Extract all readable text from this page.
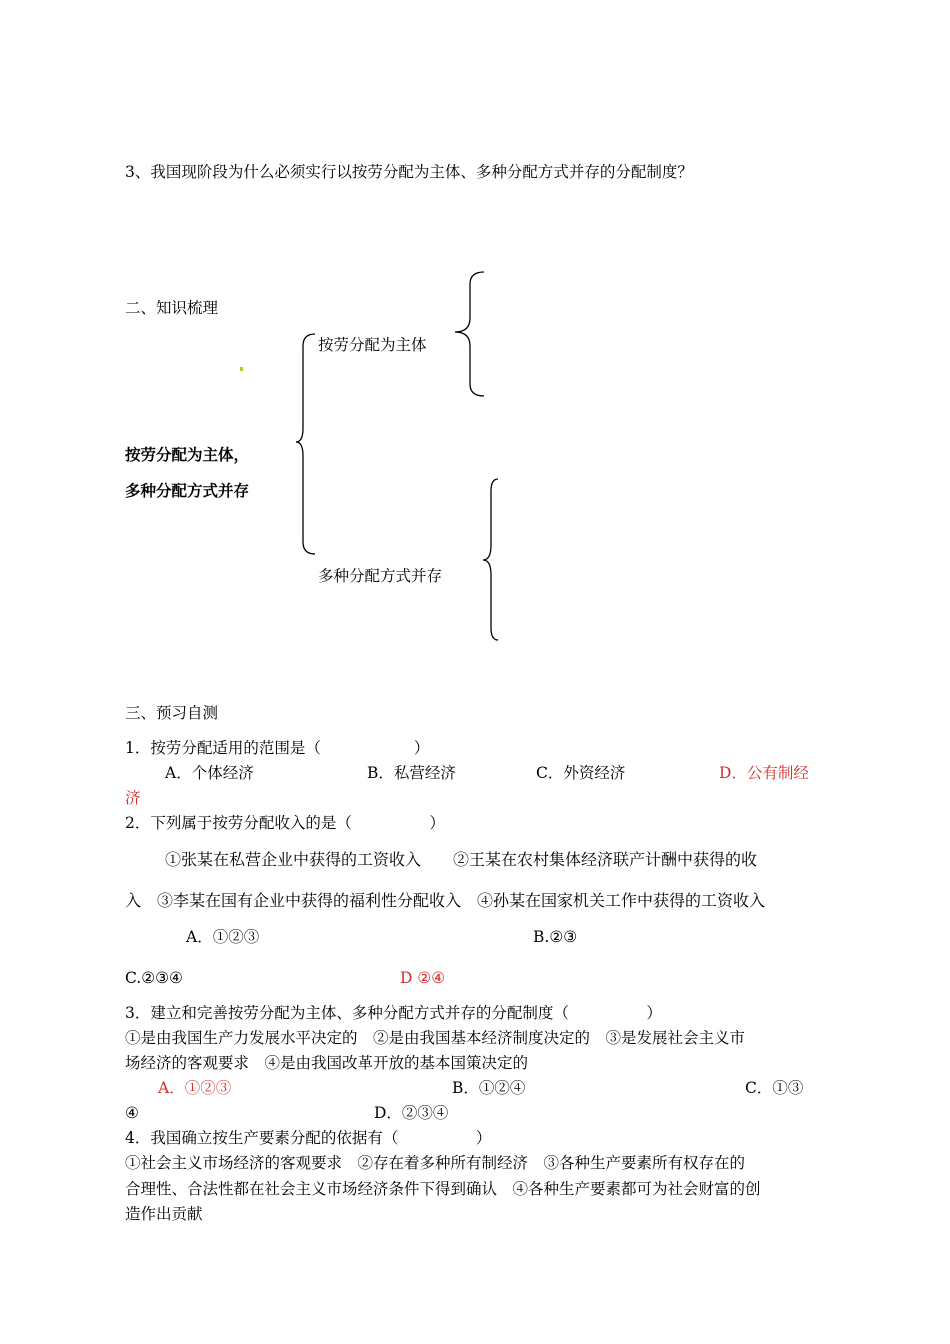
3、我国现阶段为什么必须实行以按劳分配为主体、多种分配方式并存的分配制度？
二、知识梳理
按劳分配为主体，
多种分配方式并存
按劳分配为主体
多种分配方式并存
三、预习自测
1．按劳分配适用的范围是（　　　　　　）
A．个体经济	B．私营经济	C．外资经济	D．公有制经
济
2．下列属于按劳分配收入的是（　　　　　）
①张某在私营企业中获得的工资收入　　②王某在农村集体经济联产计酬中获得的收
入　③李某在国有企业中获得的福利性分配收入　④孙某在国家机关工作中获得的工资收入
A．①②③	B.②③
C.②③④	D ②④
3．建立和完善按劳分配为主体、多种分配方式并存的分配制度（　　　　　）
①是由我国生产力发展水平决定的　②是由我国基本经济制度决定的　③是发展社会主义市
场经济的客观要求　④是由我国改革开放的基本国策决定的
A．①②③	B．①②④	C．①③
④	D．②③④
4．我国确立按生产要素分配的依据有（　　　　　）
①社会主义市场经济的客观要求　②存在着多种所有制经济　③各种生产要素所有权存在的
合理性、合法性都在社会主义市场经济条件下得到确认　④各种生产要素都可为社会财富的创
造作出贡献
